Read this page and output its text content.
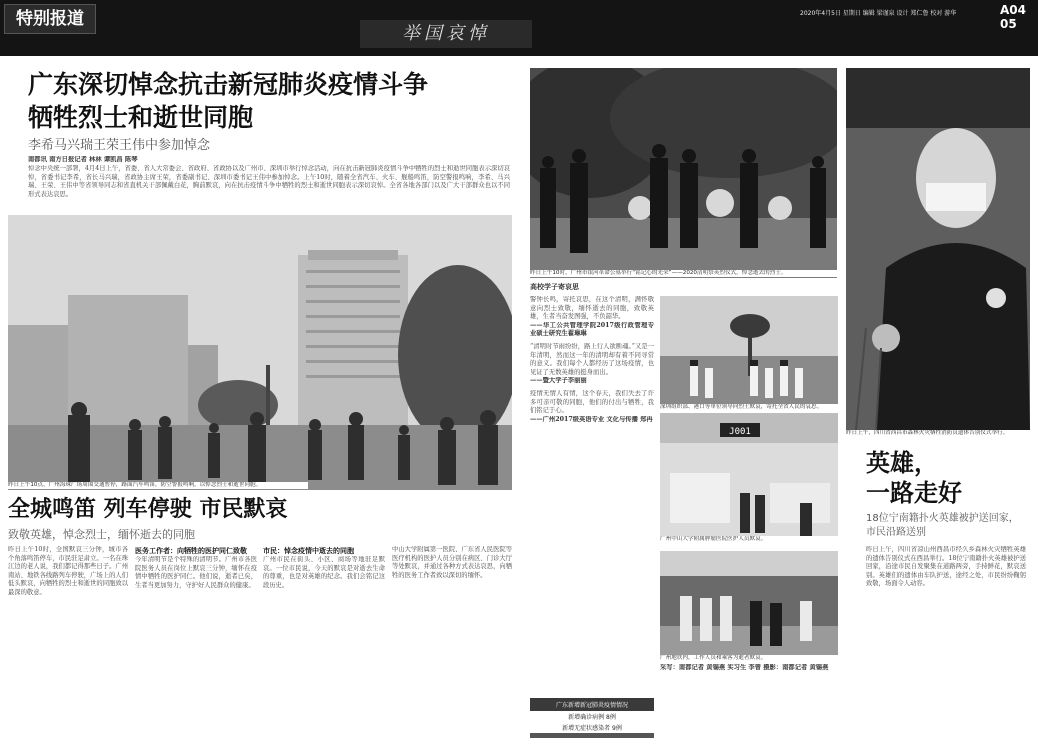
特别报道
举国哀悼
2020年4月5日 星期日 编辑 梁谨泉 设计 郑仁鲁 校对 游华	A04 05
广东深切悼念抗击新冠肺炎疫情斗争
牺牲烈士和逝世同胞
李希马兴瑞王荣王伟中参加悼念
南都讯 南方日报记者 林林 谭凯昌 陈琴
悼念中央统一部署，4月4日上午，省委、省人大常委会、省政府、省政协以及广州市、深圳市举行悼念活动，向在抗击新冠肺炎疫情斗争中牺牲的烈士和逝世同胞表示深切哀悼，省委书记李希，省长马兴瑞，省政协主席王荣，省委副书记、深圳市委书记王伟中参加悼念。上午10时，随着全省汽车、火车、舰船鸣笛，防空警报鸣响，李希、马兴瑞、王荣、王伟中等省领导同志和省直机关干部佩戴白花，胸前默哀，向在抗击疫情斗争中牺牲的烈士和逝世同胞表示深切哀悼。全省各地各部门以及广大干部群众也以不同形式表达哀思。
昨日上午10点，广州海珠广场周围交通暂停，路面汽车鸣笛，防空警报鸣响，以悼念烈士和逝世同胞。
全城鸣笛 列车停驶 市民默哀
致敬英雄，悼念烈士，缅怀逝去的同胞
昨日上午10时，全国默哀三分钟，城市各个角落鸣笛停车，市民驻足肃立。一名在珠江边的老人说，我们都记得那些日子。广州南站、地铁各线路列车停驶，广场上的人们低头默哀，向牺牲的烈士和逝世的同胞致以最深的敬意。
医务工作者：向牺牲的医护同仁致敬
今年清明节是个特殊的清明节。广州市各医院医务人员在岗位上默哀三分钟，缅怀在疫情中牺牲的医护同仁。他们说，逝者已矣，生者当更加努力，守护好人民群众的健康。
市民：悼念疫情中逝去的同胞
广州市民在街头、小区、商场等地驻足默哀。一位市民说，今天的默哀是对逝去生命的尊重，也是对英雄的纪念。我们会铭记这段历史。
中山大学附属第一医院、广东省人民医院等医疗机构的医护人员分别在病区、门诊大厅等处默哀，并通过各种方式表达哀思，向牺牲的医务工作者致以深切的缅怀。
昨日上午10时，广州市银河革命公墓举行“铭记心的光荣”——2020清明祭英烈仪式，悼念逝去的烈士。
高校学子寄哀思
警钟长鸣，寄托哀思，在这个清明，满怀敬意向烈士致敬，缅怀逝去的同胞，致敬英雄，生者当奋发图强，不负韶华。
——华工公共管理学院2017级行政管理专业硕士研究生翟琳琳
“清明时节雨纷纷，路上行人欲断魂。”又是一年清明，然而这一年的清明却有着不同寻常的意义。我们每个人都经历了这场疫情，也见证了无数英雄的挺身而出。
——暨大学子李丽丽
疫情无情人有情，这个春天，我们失去了许多可亲可敬的同胞，他们的付出与牺牲，我们铭记于心。
——广州2017级英语专业 文化与传播 郑冉
广东新增新冠肺炎疫情情况
新增确诊病例 8例
新增无症状感染者 9例
深圳组织部、港口等单位领导向烈士默哀，寄托全省人民的哀思。
J001
广州中山大学附属肿瘤医院医护人员默哀。
广州地铁内，工作人员和乘客为逝者默哀。
采写：南都记者 黄锡燕 实习生 李曾 摄影：南都记者 黄锡燕
昨日上午，四川省西昌市森林火灾牺牲消防员遗体告别仪式举行。
英雄，
一路走好
18位宁南籍扑火英雄被护送回家，市民沿路送别
昨日上午，四川省凉山州西昌市经久乡森林火灾牺牲英雄的遗体告别仪式在西昌举行。18位宁南籍扑火英雄被护送回家，沿途市民自发聚集在道路两旁，手持鲜花，默哀送别。英雄们的遗体由车队护送，途经之处，市民纷纷鞠躬致敬，场面令人动容。
